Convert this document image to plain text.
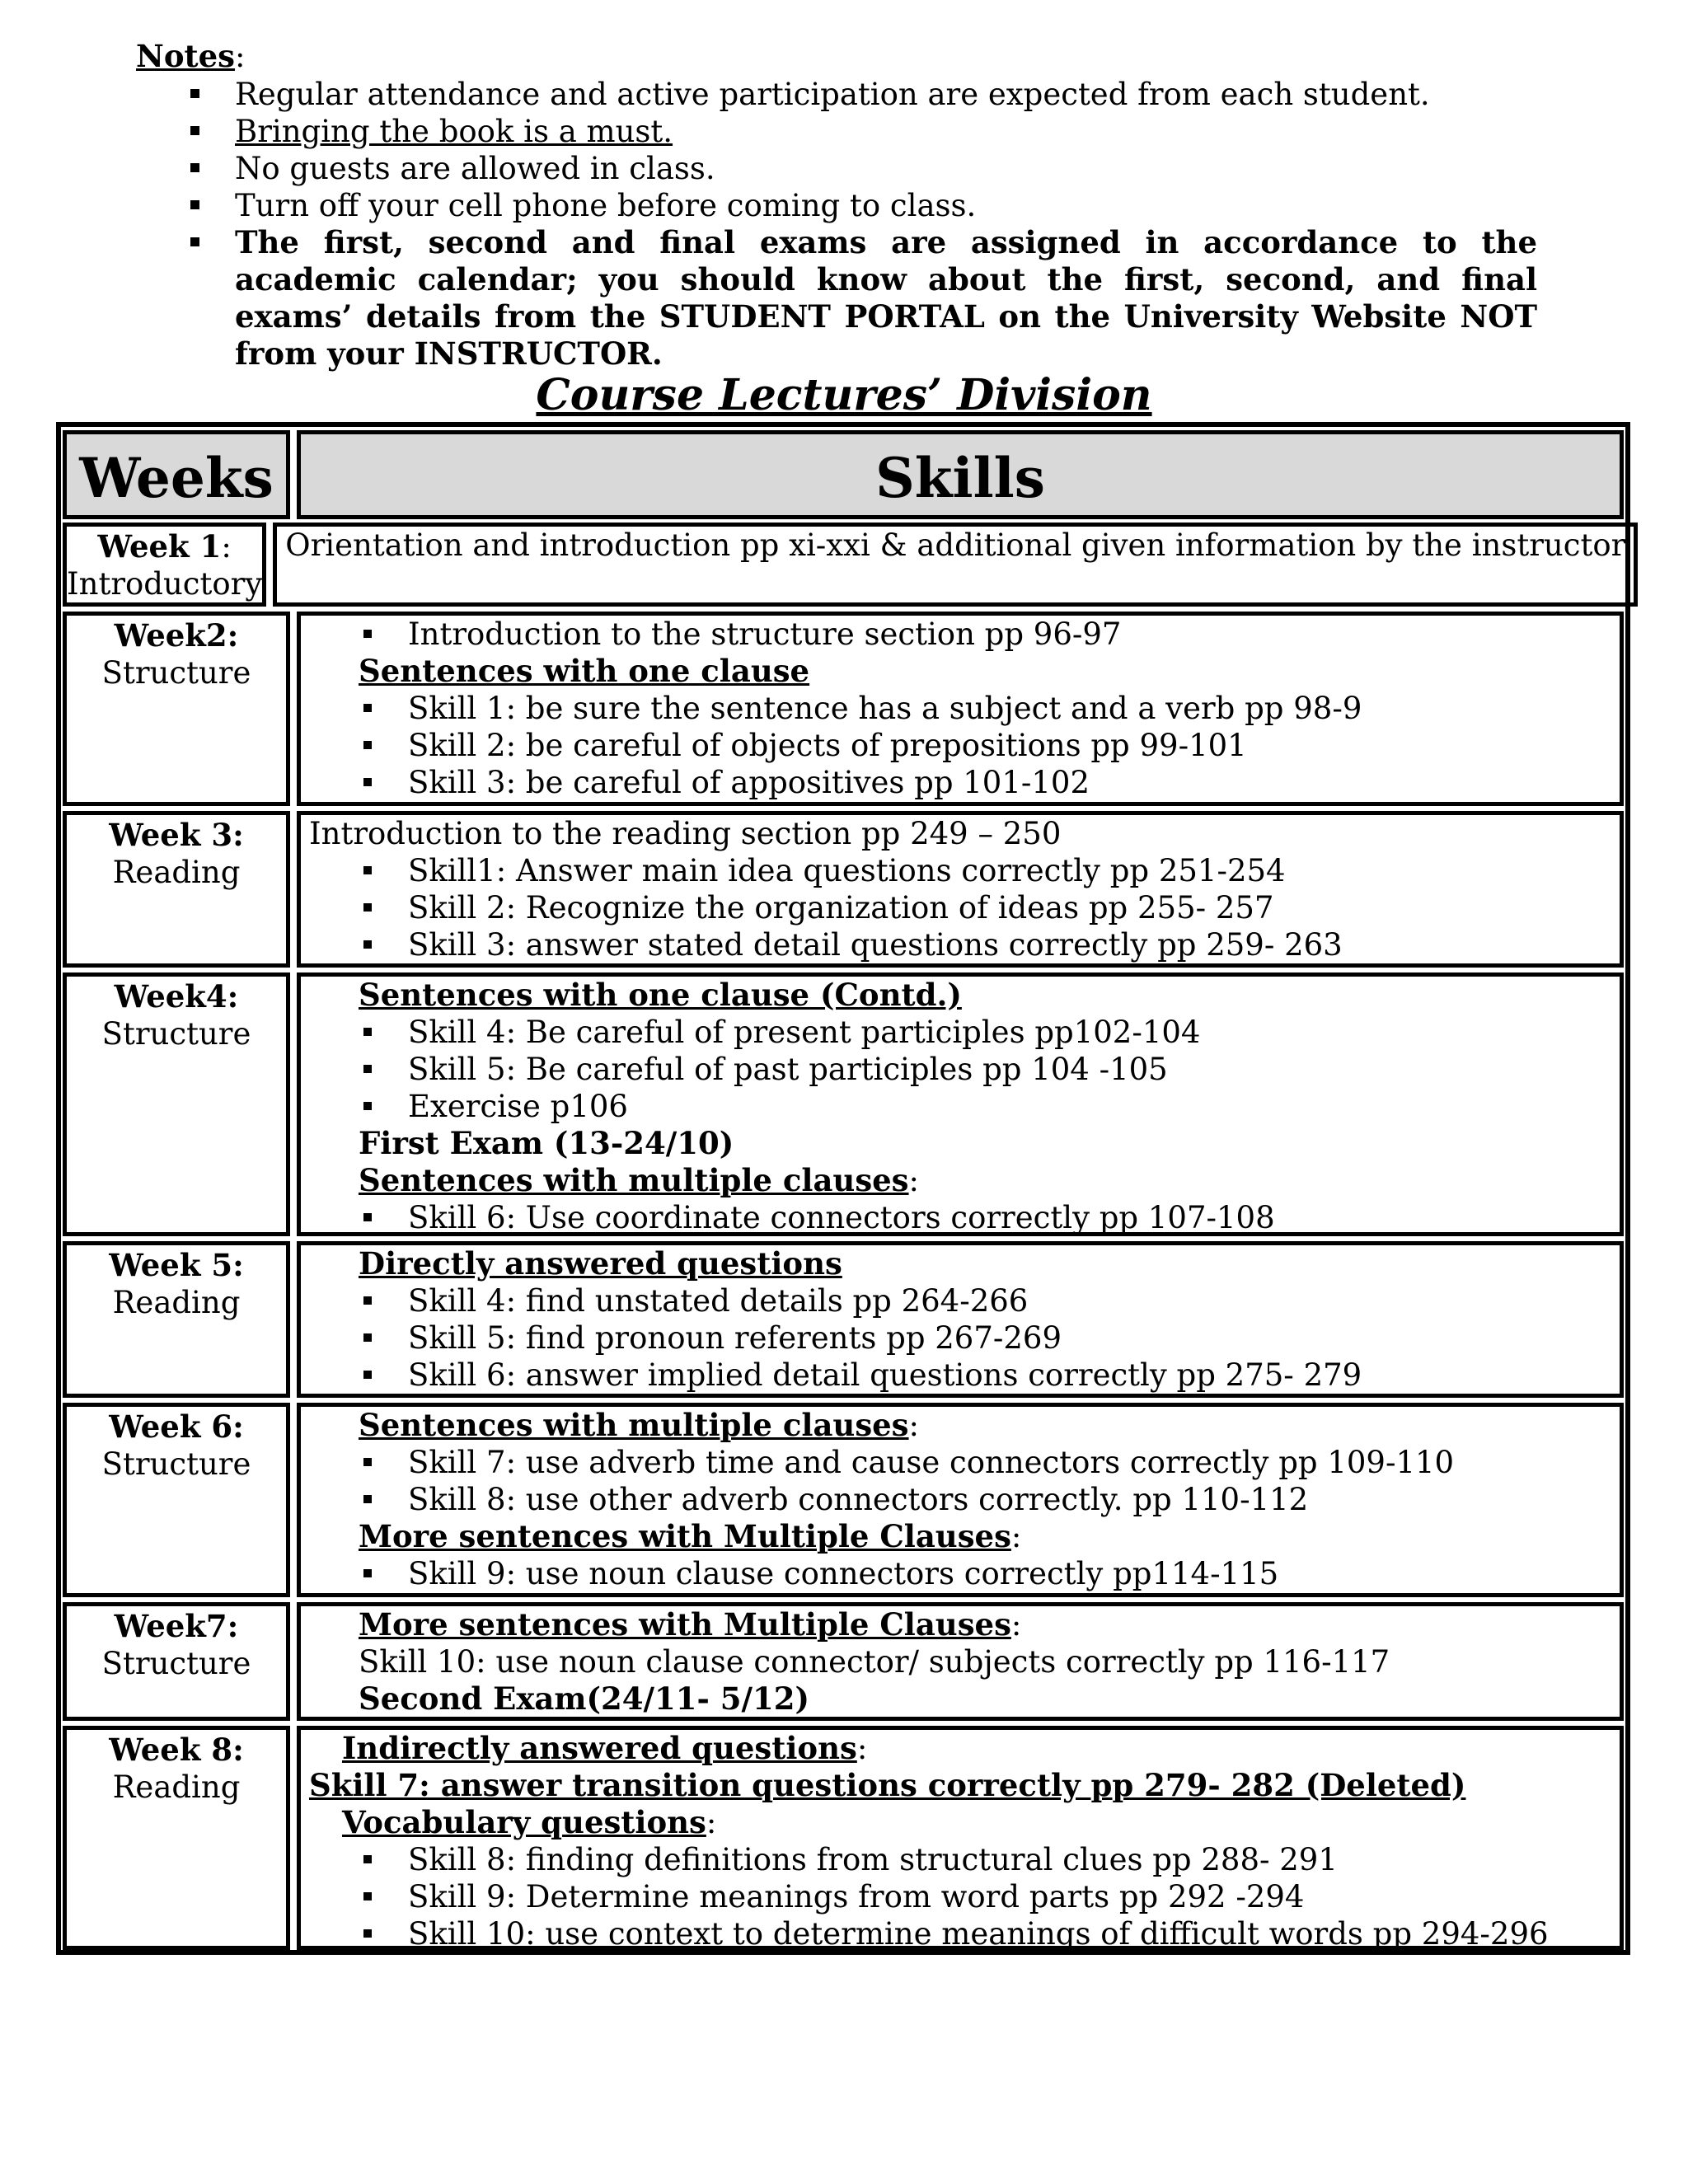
Notes:
Regular attendance and active participation are expected from each student.
Bringing the book is a must.
No guests are allowed in class.
Turn off your cell phone before coming to class.
The first, second and final exams are assigned in accordance to the academic calendar; you should know about the first, second, and final exams’ details from the STUDENT PORTAL on the University Website NOT from your INSTRUCTOR.
Course Lectures’ Division
Weeks	Skills
Week 1:
Introductory
Orientation and introduction pp xi-xxi & additional given information by the instructor
Week2:
Structure
Introduction to the structure section pp 96-97
Sentences with one clause
Skill 1: be sure the sentence has a subject and a verb pp 98-9
Skill 2: be careful of objects of prepositions pp 99-101
Skill 3: be careful of appositives pp 101-102
Week 3:
Reading
Introduction to the reading section pp 249 – 250
Skill1: Answer main idea questions correctly pp 251-254
Skill 2: Recognize the organization of ideas pp 255- 257
Skill 3: answer stated detail questions correctly pp 259- 263
Week4:
Structure
Sentences with one clause (Contd.)
Skill 4: Be careful of present participles pp102-104
Skill 5: Be careful of past participles pp 104 -105
Exercise p106
First Exam (13-24/10)
Sentences with multiple clauses:
Skill 6: Use coordinate connectors correctly pp 107-108
Week 5:
Reading
Directly answered questions
Skill 4: find unstated details pp 264-266
Skill 5: find pronoun referents pp 267-269
Skill 6: answer implied detail questions correctly pp 275- 279
Week 6:
Structure
Sentences with multiple clauses:
Skill 7: use adverb time and cause connectors correctly pp 109-110
Skill 8: use other adverb connectors correctly. pp 110-112
More sentences with Multiple Clauses:
Skill 9: use noun clause connectors correctly pp114-115
Week7:
Structure
More sentences with Multiple Clauses:
Skill 10: use noun clause connector/ subjects correctly pp 116-117
Second Exam(24/11- 5/12)
Week 8:
Reading
Indirectly answered questions:
Skill 7: answer transition questions correctly pp 279- 282 (Deleted)
Vocabulary questions:
Skill 8: finding definitions from structural clues pp 288- 291
Skill 9: Determine meanings from word parts pp 292 -294
Skill 10: use context to determine meanings of difficult words pp 294-296
